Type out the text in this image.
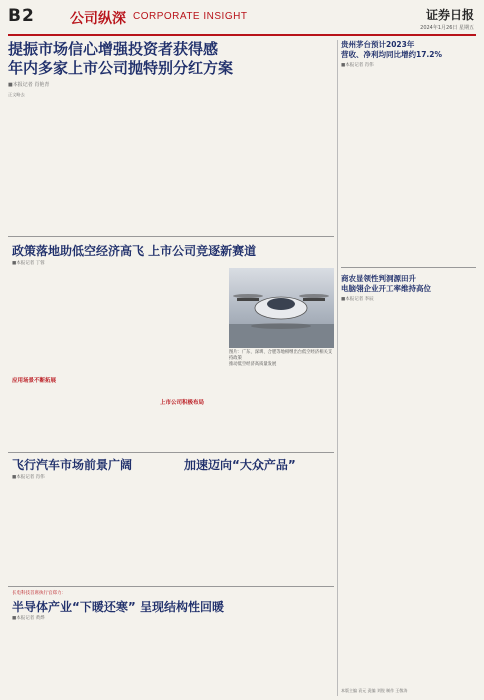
B2	公司纵深 CORPORATE INSIGHT	证券日报
2024年1月26日 星期五
提振市场信心增强投资者获得感
年内多家上市公司抛特别分红方案
■本报记者 肖艳青
正文略去
政策落地助低空经济高飞 上市公司竞逐新赛道
■本报记者 丁蓉
图片：广东、深圳、合肥等地相继出台低空经济相关支持政策
推动低空经济高质量发展
上市公司积极布局
应用场景不断拓展
飞行汽车市场前景广阔	加速迈向“大众产品”
■本报记者 肖伟
长电科技首席执行官郑力：
半导体产业“下暖还寒” 呈现结构性回暖
■本报记者 黄烨
贵州茅台预计2023年
营收、净利均同比增约17.2%
■本报记者 肖伟
商农显领性判洞源田升
电脑翎企业开工率维持高位
■本报记者 李辰
本版主编 袁元 责编 刘锐 制作 王敬涛
